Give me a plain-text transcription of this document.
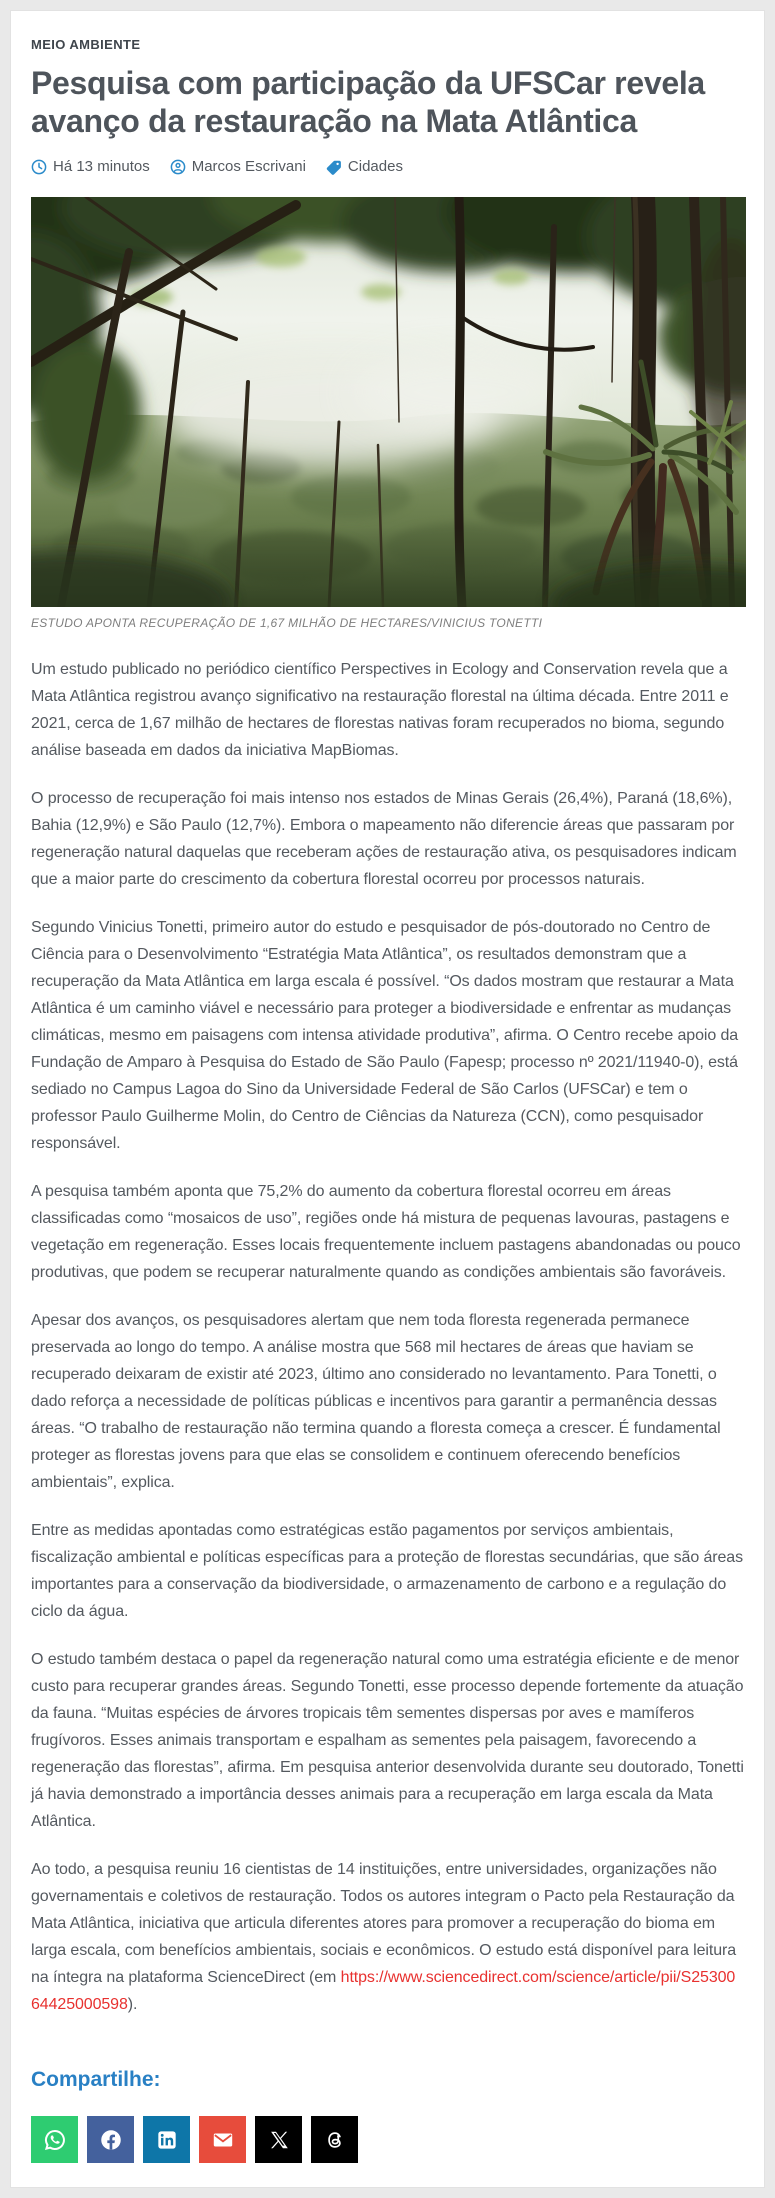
MEIO AMBIENTE
Pesquisa com participação da UFSCar revela avanço da restauração na Mata Atlântica
Há 13 minutos	Marcos Escrivani	Cidades

ESTUDO APONTA RECUPERAÇÃO DE 1,67 MILHÃO DE HECTARES/VINICIUS TONETTI

Um estudo publicado no periódico científico Perspectives in Ecology and Conservation revela que a Mata Atlântica registrou avanço significativo na restauração florestal na última década. Entre 2011 e 2021, cerca de 1,67 milhão de hectares de florestas nativas foram recuperados no bioma, segundo análise baseada em dados da iniciativa MapBiomas.

O processo de recuperação foi mais intenso nos estados de Minas Gerais (26,4%), Paraná (18,6%), Bahia (12,9%) e São Paulo (12,7%). Embora o mapeamento não diferencie áreas que passaram por regeneração natural daquelas que receberam ações de restauração ativa, os pesquisadores indicam que a maior parte do crescimento da cobertura florestal ocorreu por processos naturais.

Segundo Vinicius Tonetti, primeiro autor do estudo e pesquisador de pós-doutorado no Centro de Ciência para o Desenvolvimento “Estratégia Mata Atlântica”, os resultados demonstram que a recuperação da Mata Atlântica em larga escala é possível. “Os dados mostram que restaurar a Mata Atlântica é um caminho viável e necessário para proteger a biodiversidade e enfrentar as mudanças climáticas, mesmo em paisagens com intensa atividade produtiva”, afirma. O Centro recebe apoio da Fundação de Amparo à Pesquisa do Estado de São Paulo (Fapesp; processo nº 2021/11940-0), está sediado no Campus Lagoa do Sino da Universidade Federal de São Carlos (UFSCar) e tem o professor Paulo Guilherme Molin, do Centro de Ciências da Natureza (CCN), como pesquisador responsável.

A pesquisa também aponta que 75,2% do aumento da cobertura florestal ocorreu em áreas classificadas como “mosaicos de uso”, regiões onde há mistura de pequenas lavouras, pastagens e vegetação em regeneração. Esses locais frequentemente incluem pastagens abandonadas ou pouco produtivas, que podem se recuperar naturalmente quando as condições ambientais são favoráveis.

Apesar dos avanços, os pesquisadores alertam que nem toda floresta regenerada permanece preservada ao longo do tempo. A análise mostra que 568 mil hectares de áreas que haviam se recuperado deixaram de existir até 2023, último ano considerado no levantamento. Para Tonetti, o dado reforça a necessidade de políticas públicas e incentivos para garantir a permanência dessas áreas. “O trabalho de restauração não termina quando a floresta começa a crescer. É fundamental proteger as florestas jovens para que elas se consolidem e continuem oferecendo benefícios ambientais”, explica.

Entre as medidas apontadas como estratégicas estão pagamentos por serviços ambientais, fiscalização ambiental e políticas específicas para a proteção de florestas secundárias, que são áreas importantes para a conservação da biodiversidade, o armazenamento de carbono e a regulação do ciclo da água.

O estudo também destaca o papel da regeneração natural como uma estratégia eficiente e de menor custo para recuperar grandes áreas. Segundo Tonetti, esse processo depende fortemente da atuação da fauna. “Muitas espécies de árvores tropicais têm sementes dispersas por aves e mamíferos frugívoros. Esses animais transportam e espalham as sementes pela paisagem, favorecendo a regeneração das florestas”, afirma. Em pesquisa anterior desenvolvida durante seu doutorado, Tonetti já havia demonstrado a importância desses animais para a recuperação em larga escala da Mata Atlântica.

Ao todo, a pesquisa reuniu 16 cientistas de 14 instituições, entre universidades, organizações não governamentais e coletivos de restauração. Todos os autores integram o Pacto pela Restauração da Mata Atlântica, iniciativa que articula diferentes atores para promover a recuperação do bioma em larga escala, com benefícios ambientais, sociais e econômicos. O estudo está disponível para leitura na íntegra na plataforma ScienceDirect (em https://www.sciencedirect.com/science/article/pii/S2530064425000598).

Compartilhe:
